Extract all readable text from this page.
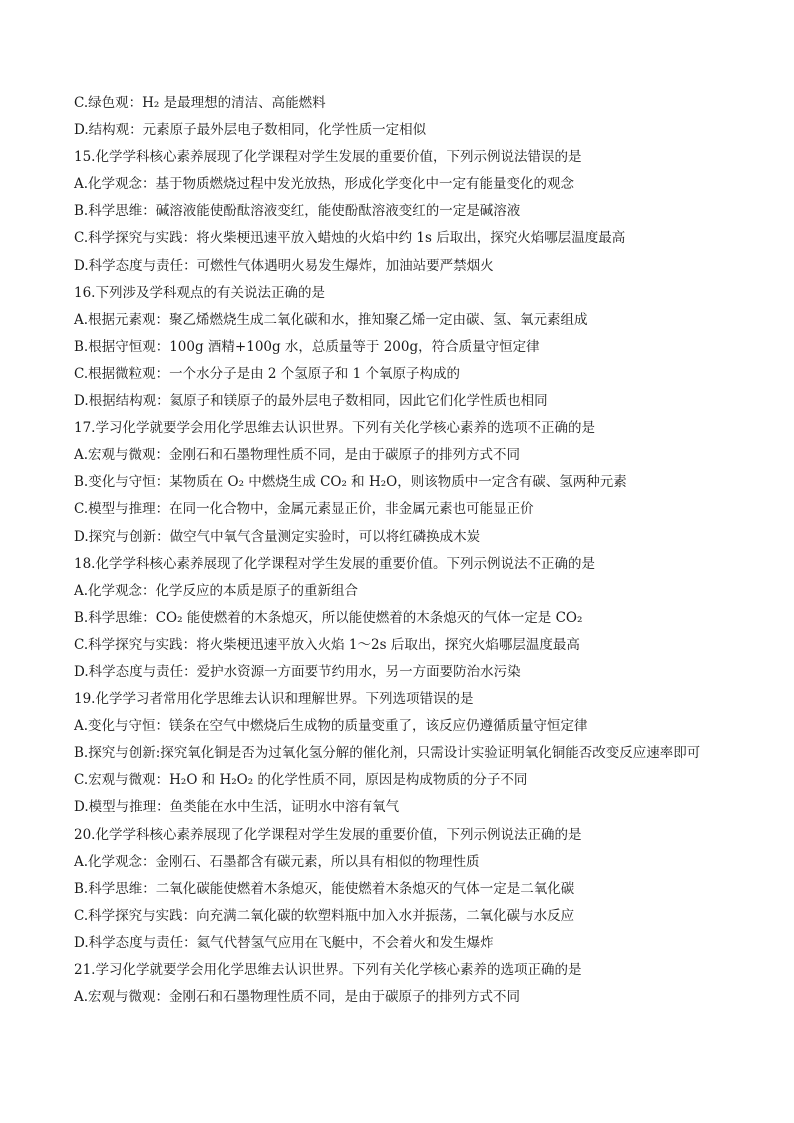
C.绿色观：H₂ 是最理想的清洁、高能燃料
D.结构观：元素原子最外层电子数相同，化学性质一定相似
15.化学学科核心素养展现了化学课程对学生发展的重要价值，下列示例说法错误的是
A.化学观念：基于物质燃烧过程中发光放热，形成化学变化中一定有能量变化的观念
B.科学思维：碱溶液能使酚酞溶液变红，能使酚酞溶液变红的一定是碱溶液
C.科学探究与实践：将火柴梗迅速平放入蜡烛的火焰中约 1s 后取出，探究火焰哪层温度最高
D.科学态度与责任：可燃性气体遇明火易发生爆炸，加油站要严禁烟火
16.下列涉及学科观点的有关说法正确的是
A.根据元素观：聚乙烯燃烧生成二氧化碳和水，推知聚乙烯一定由碳、氢、氧元素组成
B.根据守恒观：100g 酒精+100g 水，总质量等于 200g，符合质量守恒定律
C.根据微粒观：一个水分子是由 2 个氢原子和 1 个氧原子构成的
D.根据结构观：氦原子和镁原子的最外层电子数相同，因此它们化学性质也相同
17.学习化学就要学会用化学思维去认识世界。下列有关化学核心素养的选项不正确的是
A.宏观与微观：金刚石和石墨物理性质不同，是由于碳原子的排列方式不同
B.变化与守恒：某物质在 O₂ 中燃烧生成 CO₂ 和 H₂O，则该物质中一定含有碳、氢两种元素
C.模型与推理：在同一化合物中，金属元素显正价，非金属元素也可能显正价
D.探究与创新：做空气中氧气含量测定实验时，可以将红磷换成木炭
18.化学学科核心素养展现了化学课程对学生发展的重要价值。下列示例说法不正确的是
A.化学观念：化学反应的本质是原子的重新组合
B.科学思维：CO₂ 能使燃着的木条熄灭，所以能使燃着的木条熄灭的气体一定是 CO₂
C.科学探究与实践：将火柴梗迅速平放入火焰 1～2s 后取出，探究火焰哪层温度最高
D.科学态度与责任：爱护水资源一方面要节约用水，另一方面要防治水污染
19.化学学习者常用化学思维去认识和理解世界。下列选项错误的是
A.变化与守恒：镁条在空气中燃烧后生成物的质量变重了，该反应仍遵循质量守恒定律
B.探究与创新:探究氧化铜是否为过氧化氢分解的催化剂，只需设计实验证明氧化铜能否改变反应速率即可
C.宏观与微观：H₂O 和 H₂O₂ 的化学性质不同，原因是构成物质的分子不同
D.模型与推理：鱼类能在水中生活，证明水中溶有氧气
20.化学学科核心素养展现了化学课程对学生发展的重要价值，下列示例说法正确的是
A.化学观念：金刚石、石墨都含有碳元素，所以具有相似的物理性质
B.科学思维：二氧化碳能使燃着木条熄灭，能使燃着木条熄灭的气体一定是二氧化碳
C.科学探究与实践：向充满二氧化碳的软塑料瓶中加入水并振荡，二氧化碳与水反应
D.科学态度与责任：氦气代替氢气应用在飞艇中，不会着火和发生爆炸
21.学习化学就要学会用化学思维去认识世界。下列有关化学核心素养的选项正确的是
A.宏观与微观：金刚石和石墨物理性质不同，是由于碳原子的排列方式不同
